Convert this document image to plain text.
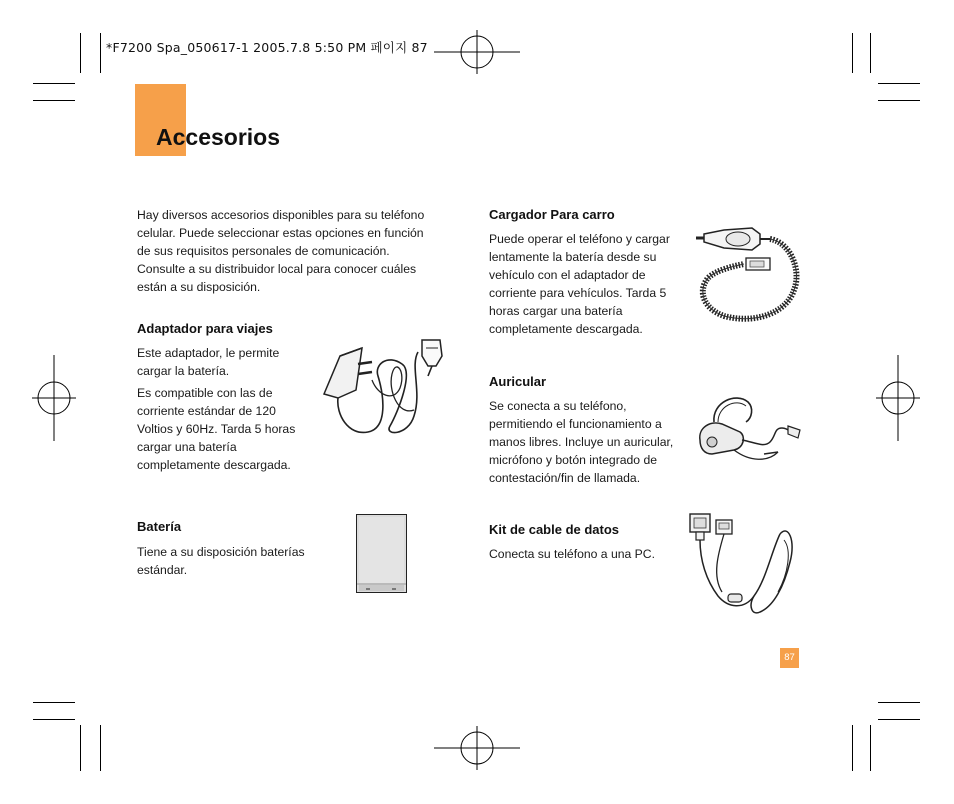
*F7200 Spa_050617-1 2005.7.8 5:50 PM 페이지 87
Accesorios
Hay diversos accesorios disponibles para su teléfono
celular. Puede seleccionar estas opciones en función
de sus requisitos personales de comunicación.
Consulte a su distribuidor local para conocer cuáles
están a su disposición.
Adaptador para viajes
Este adaptador, le permite
cargar la batería.
Es compatible con las de
corriente estándar de 120
Voltios y 60Hz. Tarda 5 horas
cargar una batería
completamente descargada.
Batería
Tiene a su disposición baterías
estándar.
Cargador Para carro
Puede operar el teléfono y cargar
lentamente la batería desde su
vehículo con el adaptador de
corriente para vehículos. Tarda 5
horas cargar una batería
completamente descargada.
Auricular
Se conecta a su teléfono,
permitiendo el funcionamiento a
manos libres. Incluye un auricular,
micrófono y botón integrado de
contestación/fin de llamada.
Kit de cable de datos
Conecta su teléfono a una PC.
87
